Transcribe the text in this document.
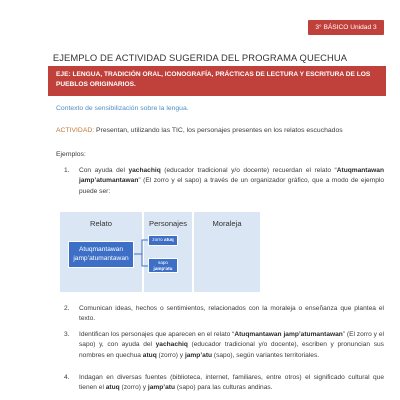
3° BÁSICO Unidad 3
EJEMPLO DE ACTIVIDAD SUGERIDA DEL PROGRAMA QUECHUA
EJE: LENGUA, TRADICIÓN ORAL, ICONOGRAFÍA, PRÁCTICAS DE LECTURA Y ESCRITURA DE LOS PUEBLOS ORIGINARIOS.
Contexto de sensibilización sobre la lengua.
ACTIVIDAD: Presentan, utilizando las TIC, los personajes presentes en los relatos escuchados
Ejemplos:
1. Con ayuda del yachachiq (educador tradicional y/o docente) recuerdan el relato “Atuqmantawan jamp’atumantawan” (El zorro y el sapo) a través de un organizador gráfico, que a modo de ejemplo puede ser:
Relato	Personajes	Moraleja
Atuqmantawan jamp’atumantawan
zorro atuq
sapo jamp’atu
2. Comunican ideas, hechos o sentimientos, relacionados con la moraleja o enseñanza que plantea el texto.
3. Identifican los personajes que aparecen en el relato “Atuqmantawan jamp’atumantawan” (El zorro y el sapo) y, con ayuda del yachachiq (educador tradicional y/o docente), escriben y pronuncian sus nombres en quechua atuq (zorro) y jamp’atu (sapo), según variantes territoriales.
4. Indagan en diversas fuentes (biblioteca, internet, familiares, entre otros) el significado cultural que tienen el atuq (zorro) y jamp’atu (sapo) para las culturas andinas.
